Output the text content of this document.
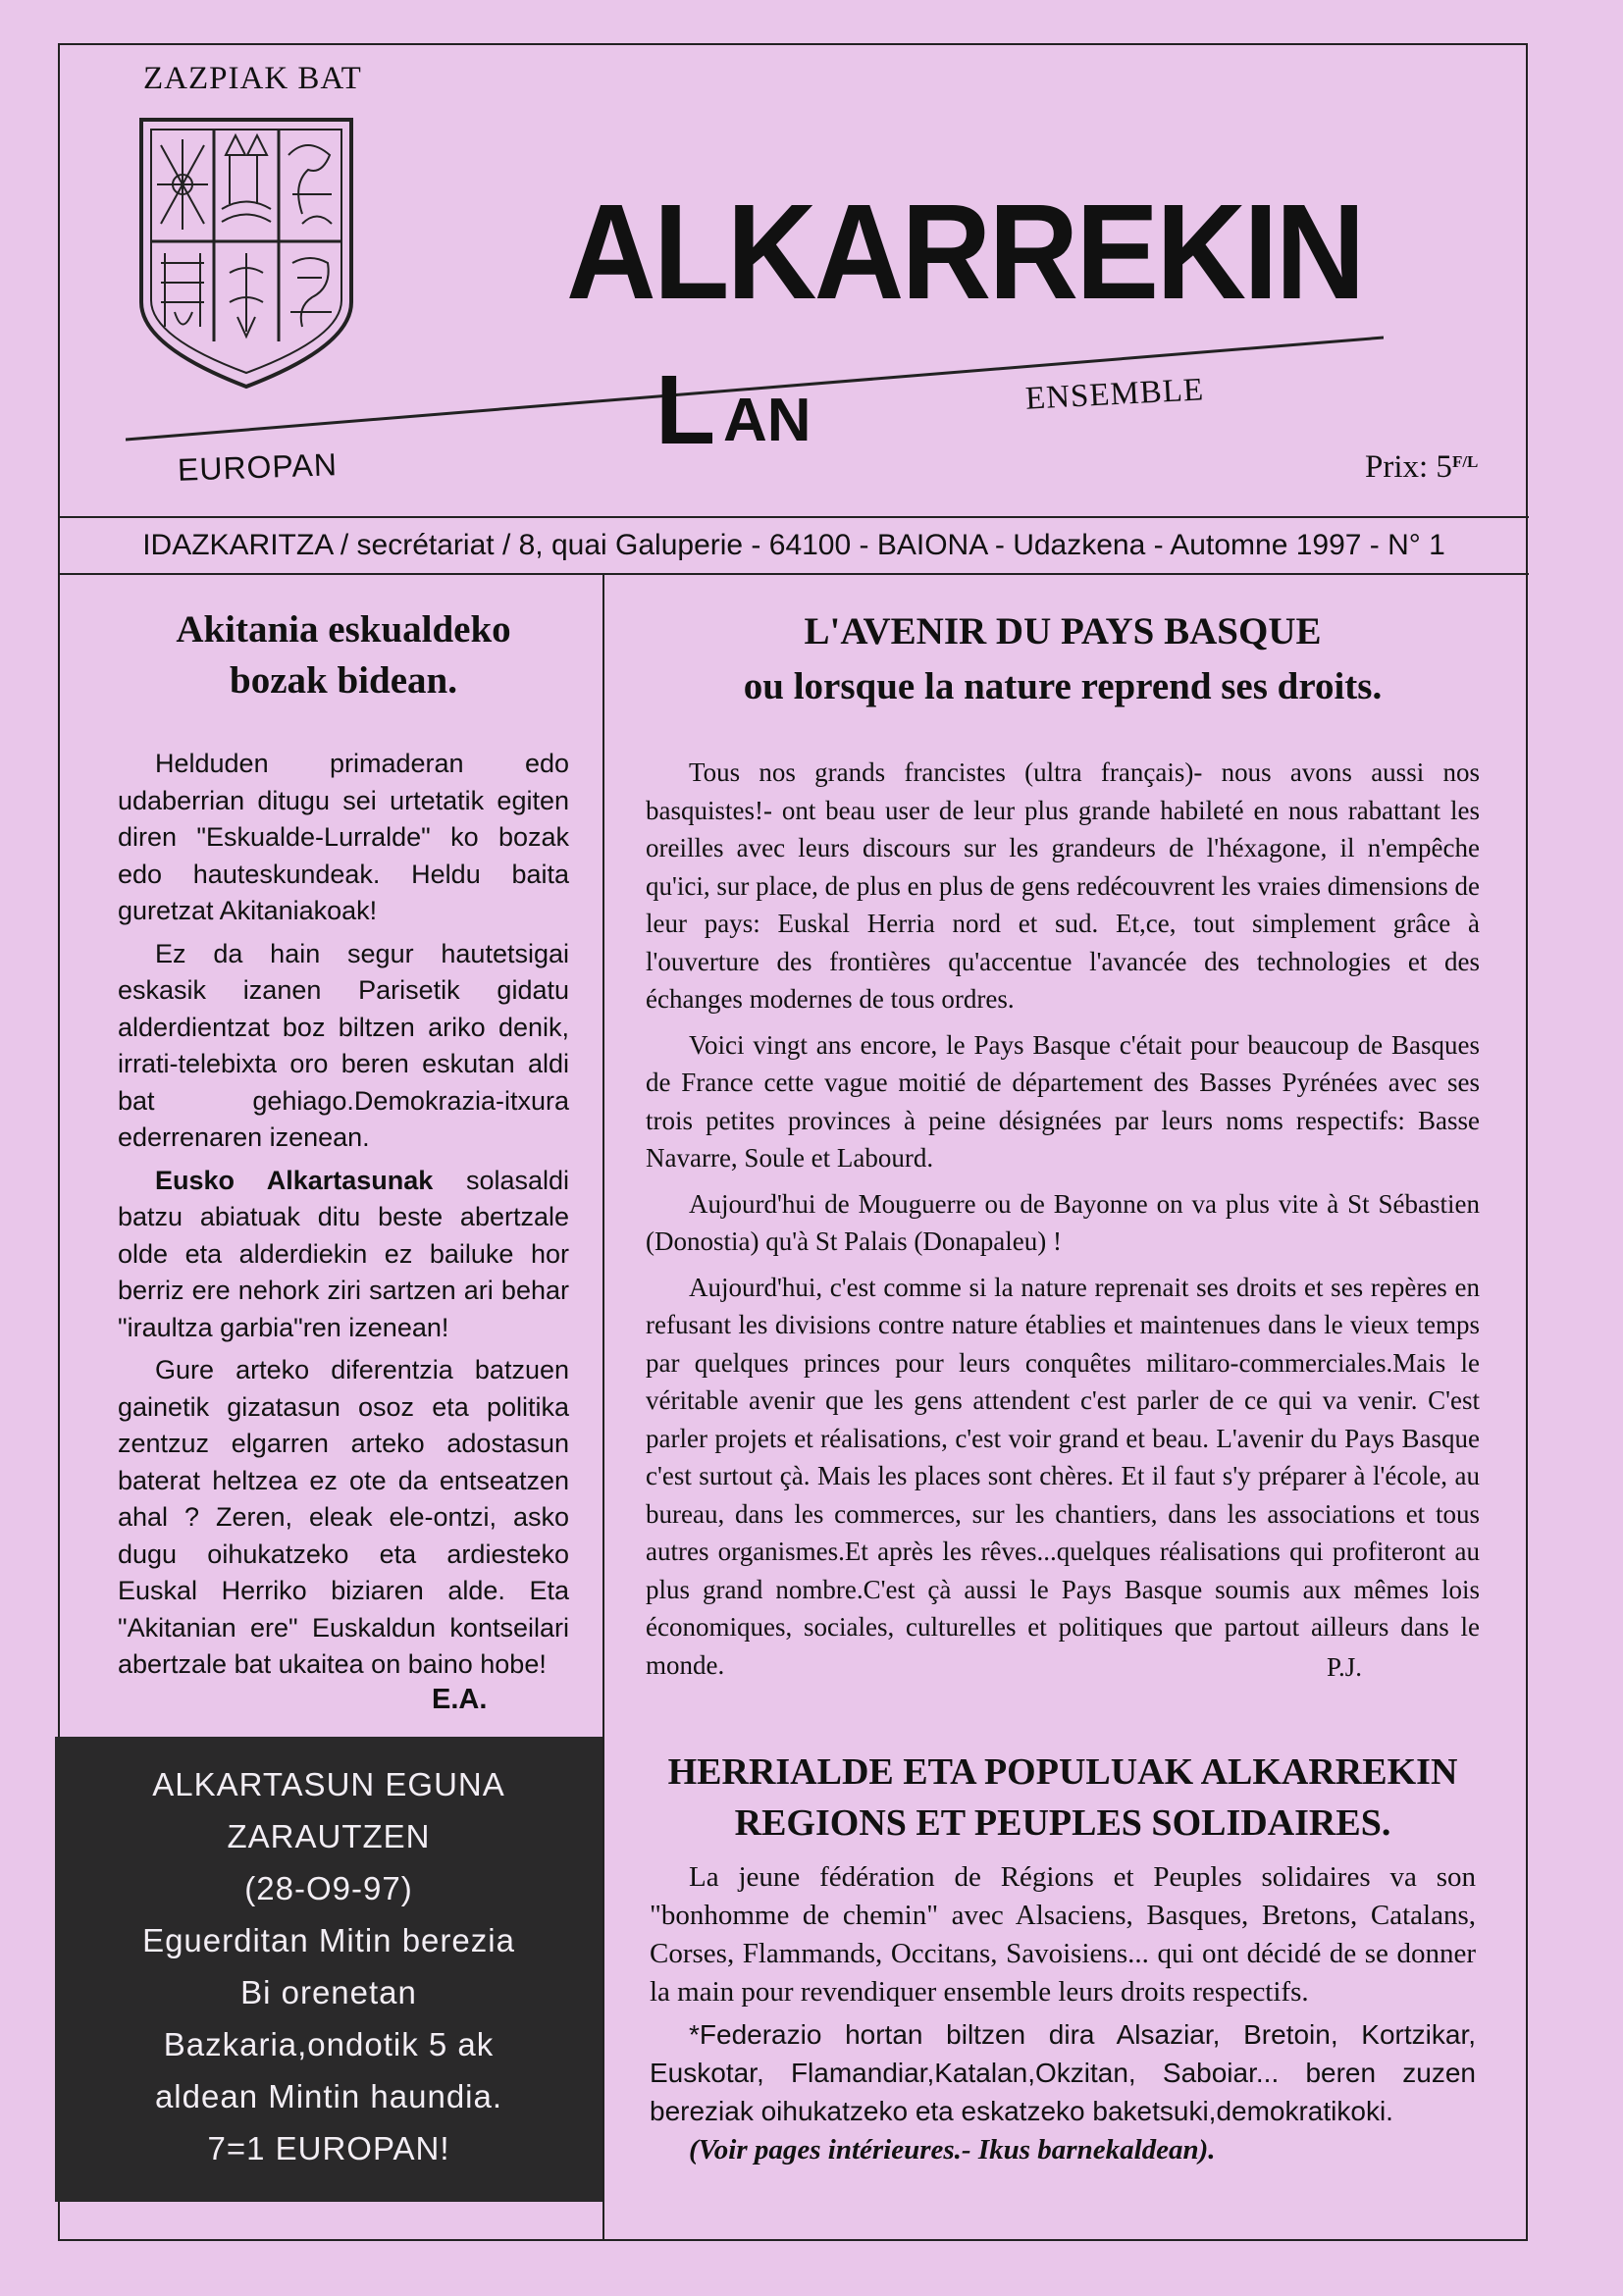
ZAZPIAK BAT
ALKARREKIN
L AN
EUROPAN
ENSEMBLE
Prix: $5^{F/L}$
IDAZKARITZA / secrétariat / 8, quai Galuperie - 64100 - BAIONA - Udazkena - Automne 1997 - N° 1
Akitania eskualdeko
bozak bidean.

Helduden primaderan edo udaberrian ditugu sei urtetatik egiten diren "Eskualde-Lurralde" ko bozak edo hauteskundeak. Heldu baita guretzat Akitaniakoak!

Ez da hain segur hautetsigai eskasik izanen Parisetik gidatu alderdientzat boz biltzen ariko denik, irrati-telebixta oro beren eskutan aldi bat gehiago.Demokrazia-itxura ederrenaren izenean.

Eusko Alkartasunak solasaldi batzu abiatuak ditu beste abertzale olde eta alderdiekin ez bailuke hor berriz ere nehork ziri sartzen ari behar "iraultza garbia"ren izenean!

Gure arteko diferentzia batzuen gainetik gizatasun osoz eta politika zentzuz elgarren arteko adostasun baterat heltzea ez ote da entseatzen ahal ? Zeren, eleak ele-ontzi, asko dugu oihukatzeko eta ardiesteko Euskal Herriko biziaren alde. Eta "Akitanian ere" Euskaldun kontseilari abertzale bat ukaitea on baino hobe!

E.A.
ALKARTASUN EGUNA
ZARAUTZEN
(28-O9-97)
Eguerditan Mitin berezia
Bi orenetan
Bazkaria,ondotik 5 ak
aldean Mintin haundia.
7=1 EUROPAN!
L'AVENIR DU PAYS BASQUE
ou lorsque la nature reprend ses droits.

Tous nos grands francistes (ultra français)- nous avons aussi nos basquistes!- ont beau user de leur plus grande habileté en nous rabattant les oreilles avec leurs discours sur les grandeurs de l'héxagone, il n'empêche qu'ici, sur place, de plus en plus de gens redécouvrent les vraies dimensions de leur pays: Euskal Herria nord et sud. Et,ce, tout simplement grâce à l'ouverture des frontières qu'accentue l'avancée des technologies et des échanges modernes de tous ordres.

Voici vingt ans encore, le Pays Basque c'était pour beaucoup de Basques de France cette vague moitié de département des Basses Pyrénées avec ses trois petites provinces à peine désignées par leurs noms respectifs: Basse Navarre, Soule et Labourd.

Aujourd'hui de Mouguerre ou de Bayonne on va plus vite à St Sébastien (Donostia) qu'à St Palais (Donapaleu) !

Aujourd'hui, c'est comme si la nature reprenait ses droits et ses repères en refusant les divisions contre nature établies et maintenues dans le vieux temps par quelques princes pour leurs conquêtes militaro-commerciales.Mais le véritable avenir que les gens attendent c'est parler de ce qui va venir. C'est parler projets et réalisations, c'est voir grand et beau. L'avenir du Pays Basque c'est surtout çà. Mais les places sont chères. Et il faut s'y préparer à l'école, au bureau, dans les commerces, sur les chantiers, dans les associations et tous autres organismes.Et après les rêves...quelques réalisations qui profiteront au plus grand nombre.C'est çà aussi le Pays Basque soumis aux mêmes lois économiques, sociales, culturelles et politiques que partout ailleurs dans le monde.	P.J.
HERRIALDE ETA POPULUAK ALKARREKIN
REGIONS ET PEUPLES SOLIDAIRES.

La jeune fédération de Régions et Peuples solidaires va son "bonhomme de chemin" avec Alsaciens, Basques, Bretons, Catalans, Corses, Flammands, Occitans, Savoisiens... qui ont décidé de se donner la main pour revendiquer ensemble leurs droits respectifs.

*Federazio hortan biltzen dira Alsaziar, Bretoin, Kortzikar, Euskotar, Flamandiar,Katalan,Okzitan, Saboiar... beren zuzen bereziak oihukatzeko eta eskatzeko baketsuki,demokratikoki.

(Voir pages intérieures.- Ikus barnekaldean).
